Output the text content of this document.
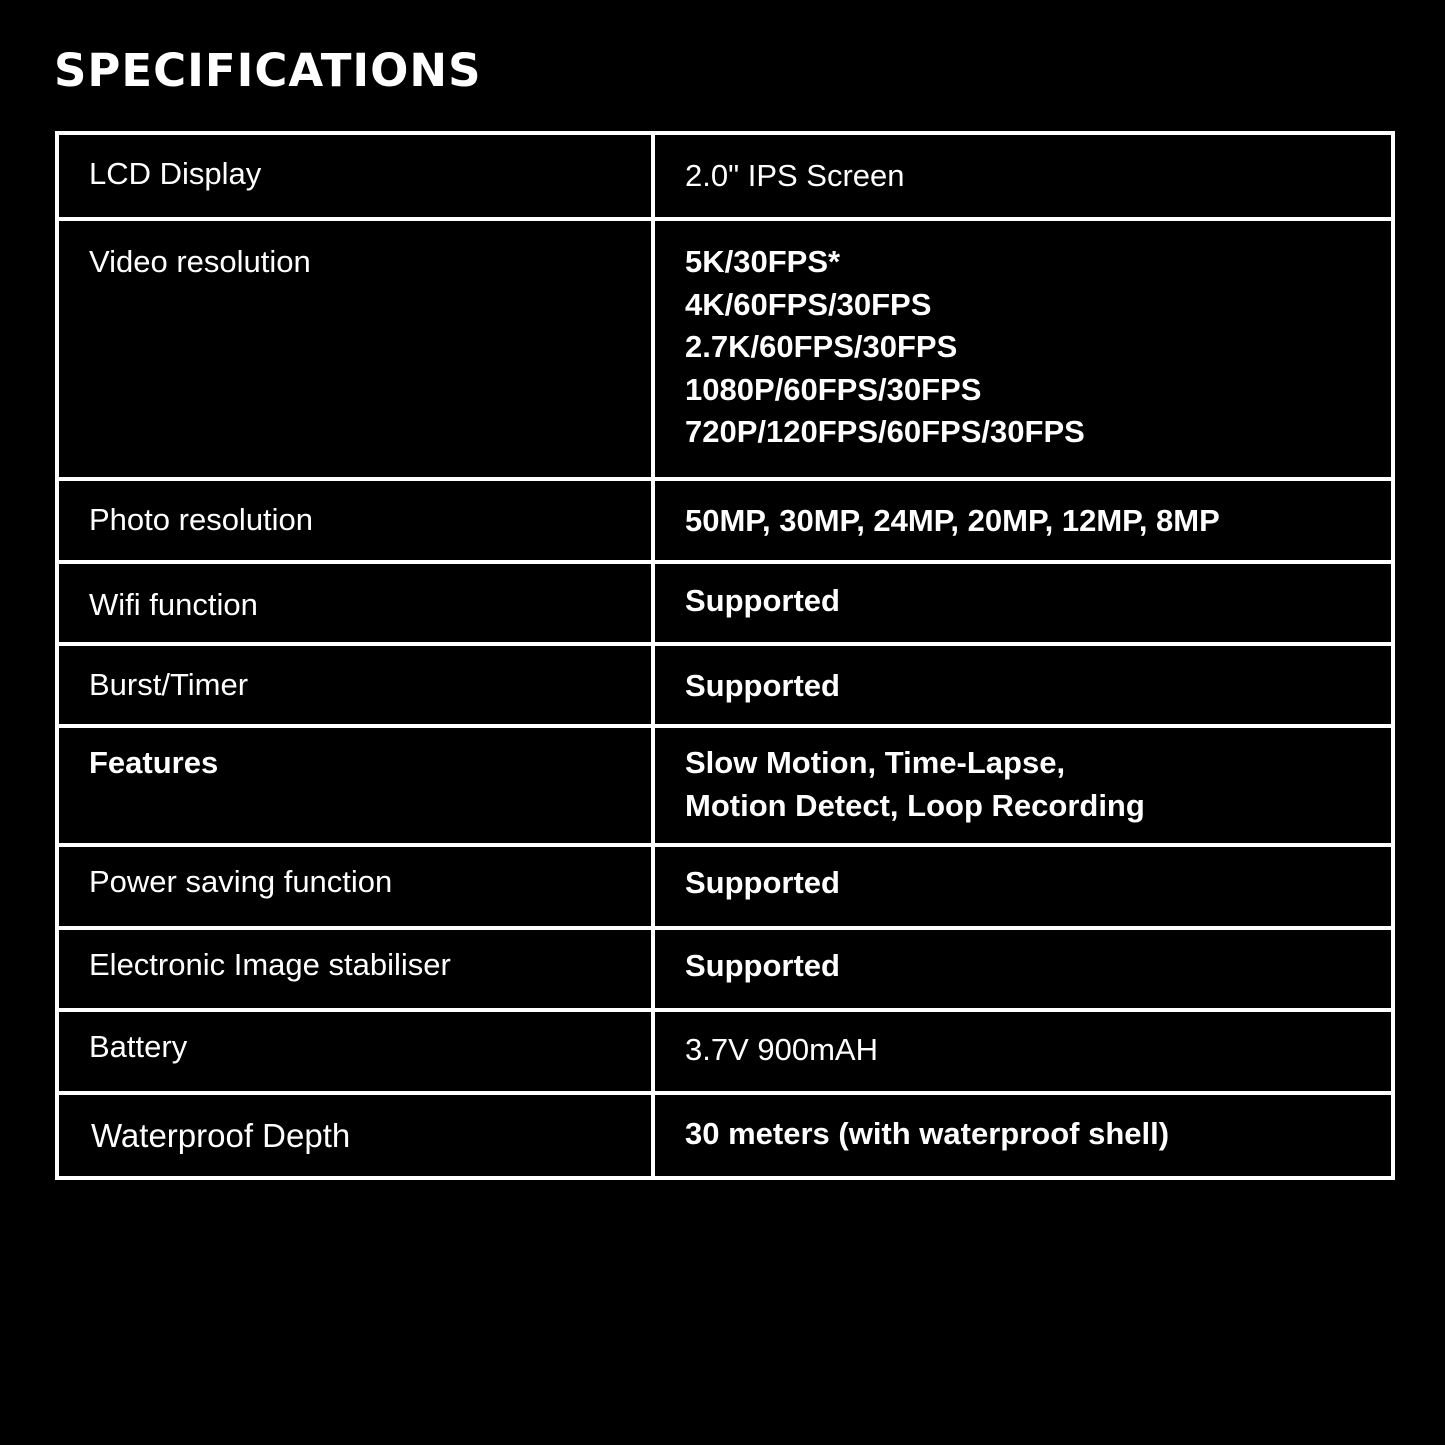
SPECIFICATIONS
LCD Display	2.0" IPS Screen

Video resolution	5K/30FPS*
4K/60FPS/30FPS
2.7K/60FPS/30FPS
1080P/60FPS/30FPS
720P/120FPS/60FPS/30FPS

Photo resolution	50MP, 30MP, 24MP, 20MP, 12MP, 8MP

Wifi function	Supported

Burst/Timer	Supported

Features	Slow Motion, Time-Lapse,
Motion Detect, Loop Recording

Power saving function	Supported

Electronic Image stabiliser	Supported

Battery	3.7V 900mAH

Waterproof Depth	30 meters (with waterproof shell)
